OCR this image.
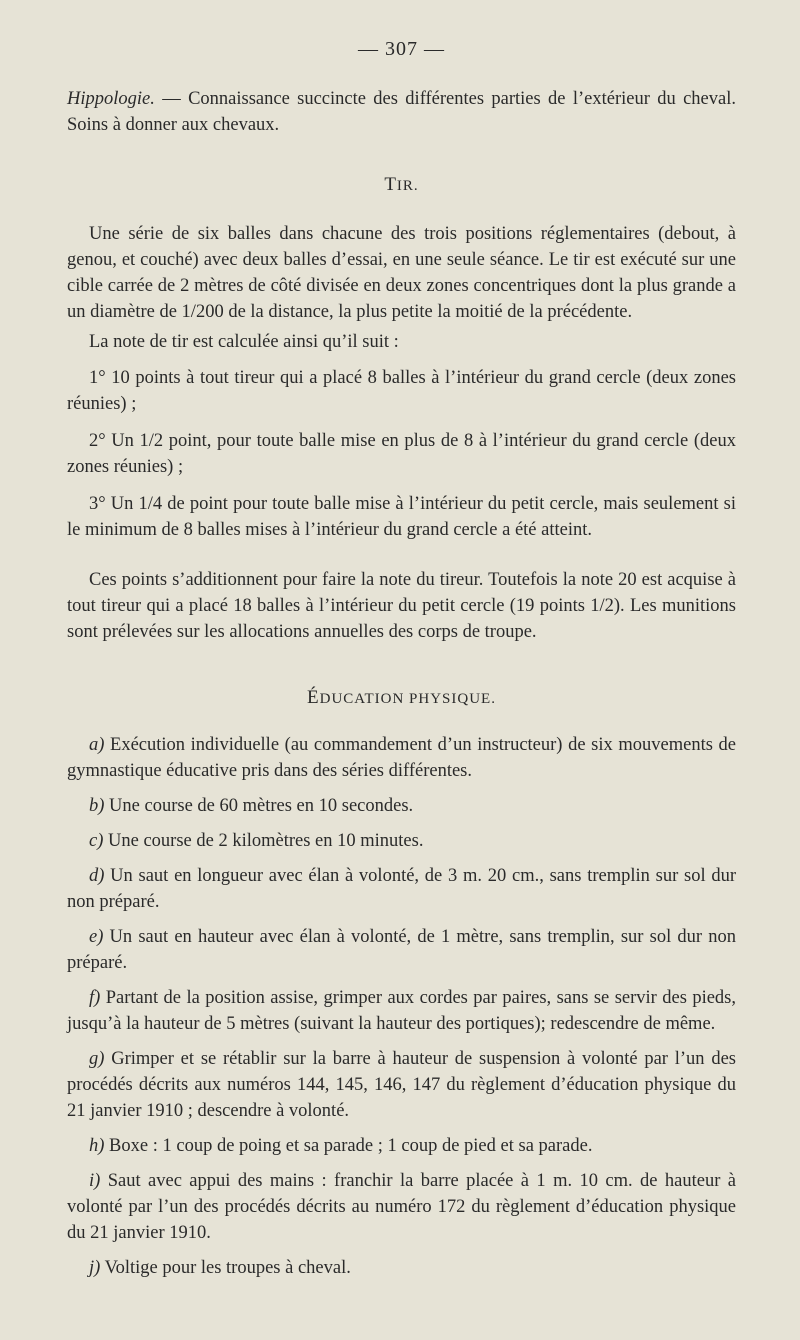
— 307 —

Hippologie. — Connaissance succincte des différentes parties de l’extérieur du cheval. Soins à donner aux chevaux.

TIR.

Une série de six balles dans chacune des trois positions réglementaires (debout, à genou, et couché) avec deux balles d’essai, en une seule séance. Le tir est exécuté sur une cible carrée de 2 mètres de côté divisée en deux zones concentriques dont la plus grande a un diamètre de 1/200 de la distance, la plus petite la moitié de la précédente.

La note de tir est calculée ainsi qu’il suit :

1° 10 points à tout tireur qui a placé 8 balles à l’intérieur du grand cercle (deux zones réunies) ;

2° Un 1/2 point, pour toute balle mise en plus de 8 à l’intérieur du grand cercle (deux zones réunies) ;

3° Un 1/4 de point pour toute balle mise à l’intérieur du petit cercle, mais seulement si le minimum de 8 balles mises à l’intérieur du grand cercle a été atteint.

Ces points s’additionnent pour faire la note du tireur. Toutefois la note 20 est acquise à tout tireur qui a placé 18 balles à l’intérieur du petit cercle (19 points 1/2). Les munitions sont prélevées sur les allocations annuelles des corps de troupe.

ÉDUCATION PHYSIQUE.

a) Exécution individuelle (au commandement d’un instructeur) de six mouvements de gymnastique éducative pris dans des séries différentes.

b) Une course de 60 mètres en 10 secondes.

c) Une course de 2 kilomètres en 10 minutes.

d) Un saut en longueur avec élan à volonté, de 3 m. 20 cm., sans tremplin sur sol dur non préparé.

e) Un saut en hauteur avec élan à volonté, de 1 mètre, sans tremplin, sur sol dur non préparé.

f) Partant de la position assise, grimper aux cordes par paires, sans se servir des pieds, jusqu’à la hauteur de 5 mètres (suivant la hauteur des portiques); redescendre de même.

g) Grimper et se rétablir sur la barre à hauteur de suspension à volonté par l’un des procédés décrits aux numéros 144, 145, 146, 147 du règlement d’éducation physique du 21 janvier 1910 ; descendre à volonté.

h) Boxe : 1 coup de poing et sa parade ; 1 coup de pied et sa parade.

i) Saut avec appui des mains : franchir la barre placée à 1 m. 10 cm. de hauteur à volonté par l’un des procédés décrits au numéro 172 du règlement d’éducation physique du 21 janvier 1910.

j) Voltige pour les troupes à cheval.
